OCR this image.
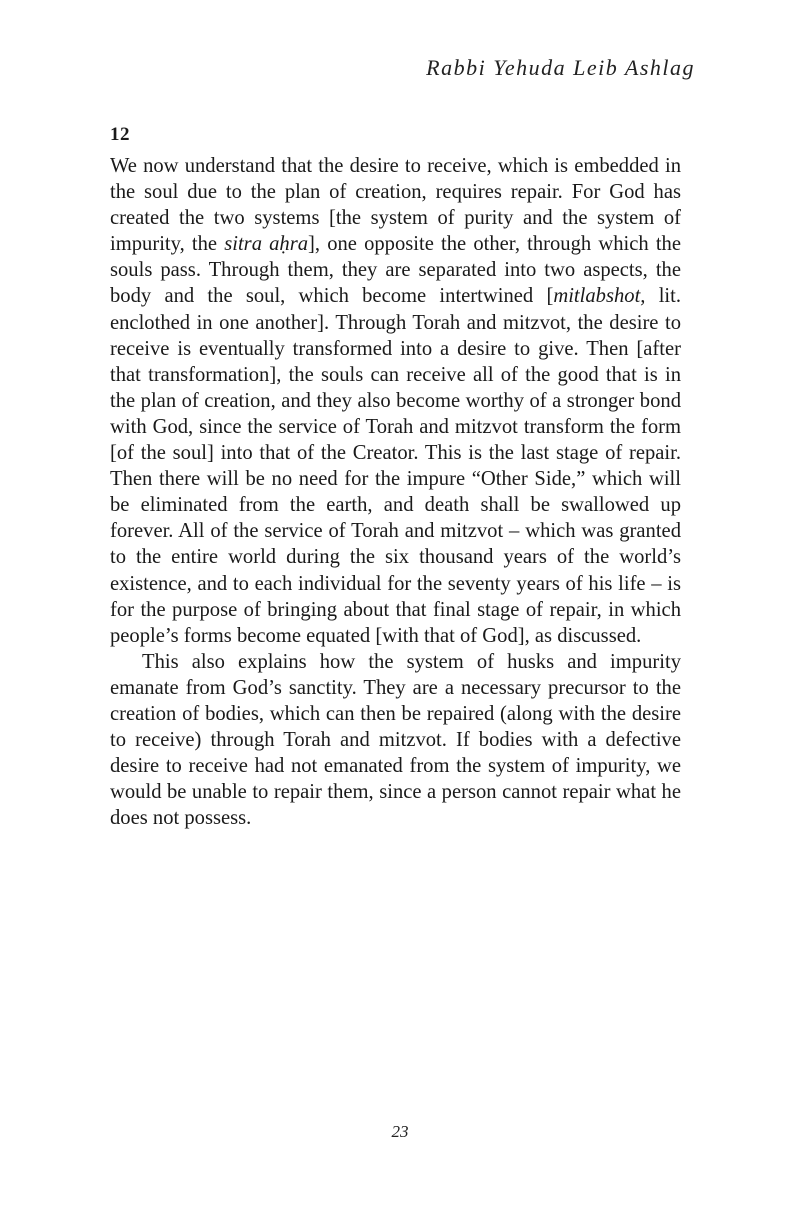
Rabbi Yehuda Leib Ashlag
12

We now understand that the desire to receive, which is embedded in the soul due to the plan of creation, requires repair. For God has created the two systems [the system of purity and the system of impurity, the sitra aḥra], one opposite the other, through which the souls pass. Through them, they are separated into two aspects, the body and the soul, which become intertwined [mitlabshot, lit. enclothed in one another]. Through Torah and mitzvot, the desire to receive is eventually transformed into a desire to give. Then [after that transformation], the souls can receive all of the good that is in the plan of creation, and they also become worthy of a stronger bond with God, since the service of Torah and mitzvot transform the form [of the soul] into that of the Creator. This is the last stage of repair. Then there will be no need for the impure “Other Side,” which will be eliminated from the earth, and death shall be swallowed up forever. All of the service of Torah and mitzvot – which was granted to the entire world during the six thousand years of the world’s existence, and to each individual for the seventy years of his life – is for the purpose of bringing about that final stage of repair, in which people’s forms become equated [with that of God], as discussed.

This also explains how the system of husks and impurity emanate from God’s sanctity. They are a necessary precursor to the creation of bodies, which can then be repaired (along with the desire to receive) through Torah and mitzvot. If bodies with a defective desire to receive had not emanated from the system of impurity, we would be unable to repair them, since a person cannot repair what he does not possess.

23
